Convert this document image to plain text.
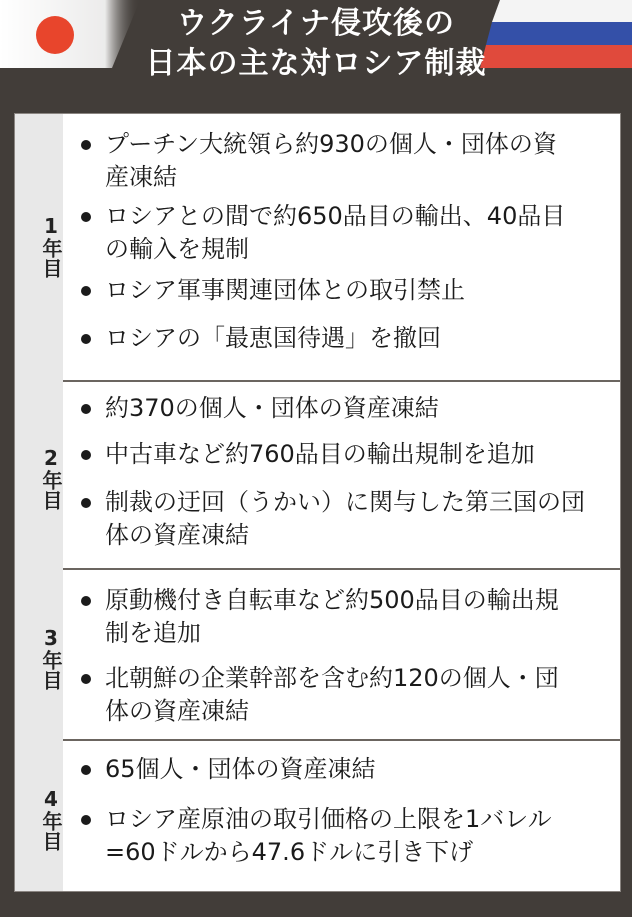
ウクライナ侵攻後の
日本の主な対ロシア制裁
1年目
プーチン大統領ら約930の個人・団体の資
産凍結
ロシアとの間で約650品目の輸出、40品目
の輸入を規制
ロシア軍事関連団体との取引禁止
ロシアの「最恵国待遇」を撤回
2年目
約370の個人・団体の資産凍結
中古車など約760品目の輸出規制を追加
制裁の迂回（うかい）に関与した第三国の団
体の資産凍結
3年目
原動機付き自転車など約500品目の輸出規
制を追加
北朝鮮の企業幹部を含む約120の個人・団
体の資産凍結
4年目
65個人・団体の資産凍結
ロシア産原油の取引価格の上限を1バレル
=60ドルから47.6ドルに引き下げ
